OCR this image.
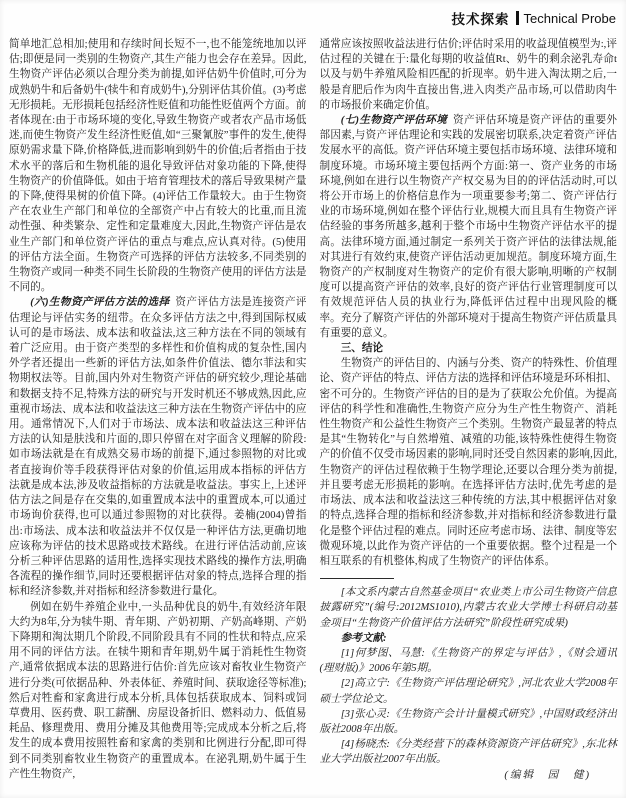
技术探索 Technical Probe

简单地汇总相加;使用和存续时间长短不一,也不能笼统地加以评估;即便是同一类别的生物资产,其生产能力也会存在差异。因此,生物资产评估必须以合理分类为前提,如评估奶牛价值时,可分为成熟奶牛和后备奶牛(犊牛和育成奶牛),分别评估其价值。(3)考虑无形损耗。无形损耗包括经济性贬值和功能性贬值两个方面。前者体现在:由于市场环境的变化,导致生物资产或者农产品市场低迷,而使生物资产发生经济性贬值,如“三聚氰胺”事件的发生,使得原奶需求量下降,价格降低,进而影响到奶牛的价值;后者指由于技术水平的落后和生物机能的退化导致评估对象功能的下降,使得生物资产的价值降低。如由于培育管理技术的落后导致果树产量的下降,使得果树的价值下降。(4)评估工作量较大。由于生物资产在农业生产部门和单位的全部资产中占有较大的比重,而且流动性强、种类繁杂、定性和定量难度大,因此,生物资产评估是农业生产部门和单位资产评估的重点与难点,应认真对待。(5)使用的评估方法全面。生物资产可选择的评估方法较多,不同类别的生物资产或同一种类不同生长阶段的生物资产使用的评估方法是不同的。

(六)生物资产评估方法的选择 资产评估方法是连接资产评估理论与评估实务的纽带。在众多评估方法之中,得到国际权威认可的是市场法、成本法和收益法,这三种方法在不同的领域有着广泛应用。由于资产类型的多样性和价值构成的复杂性,国内外学者还提出一些新的评估方法,如条件价值法、德尔菲法和实物期权法等。目前,国内外对生物资产评估的研究较少,理论基础和数据支持不足,特殊方法的研究与开发时机还不够成熟,因此,应重视市场法、成本法和收益法这三种方法在生物资产评估中的应用。通常情况下,人们对于市场法、成本法和收益法这三种评估方法的认知是肤浅和片面的,即只停留在对字面含义理解的阶段:如市场法就是在有成熟交易市场的前提下,通过参照物的对比或者直接询价等手段获得评估对象的价值,运用成本指标的评估方法就是成本法,涉及收益指标的方法就是收益法。事实上,上述评估方法之间是存在交集的,如重置成本法中的重置成本,可以通过市场询价获得,也可以通过参照物的对比获得。姜楠(2004)曾指出:市场法、成本法和收益法并不仅仅是一种评估方法,更确切地应该称为评估的技术思路或技术路线。在进行评估活动前,应该分析三种评估思路的适用性,选择实现技术路线的操作方法,明确各流程的操作细节,同时还要根据评估对象的特点,选择合理的指标和经济参数,并对指标和经济参数进行量化。

例如在奶牛养殖企业中,一头品种优良的奶牛,有效经济年限大约为8年,分为犊牛期、青年期、产奶初期、产奶高峰期、产奶下降期和淘汰期几个阶段,不同阶段具有不同的性状和特点,应采用不同的评估方法。在犊牛期和青年期,奶牛属于消耗性生物资产,通常依据成本法的思路进行估价:首先应该对畜牧业生物资产进行分类(可依据品种、外表体征、养殖时间、获取途径等标准);然后对牲畜和家禽进行成本分析,具体包括获取成本、饲料或饲草费用、医药费、职工薪酬、房屋设备折旧、燃料动力、低值易耗品、修理费用、费用分摊及其他费用等;完成成本分析之后,将发生的成本费用按照牲畜和家禽的类别和比例进行分配,即可得到不同类别畜牧业生物资产的重置成本。在泌乳期,奶牛属于生产性生物资产,

通常应该按照收益法进行估价;评估时采用的收益现值模型为:,评估过程的关键在于:量化每期的收益值Rt、奶牛的剩余泌乳寿命t以及与奶牛养殖风险相匹配的折现率。奶牛进入淘汰期之后,一般是育肥后作为肉牛直接出售,进入肉类产品市场,可以借助肉牛的市场报价来确定价值。

(七)生物资产评估环境 资产评估环境是资产评估的重要外部因素,与资产评估理论和实践的发展密切联系,决定着资产评估发展水平的高低。资产评估环境主要包括市场环境、法律环境和制度环境。市场环境主要包括两个方面:第一、资产业务的市场环境,例如在进行以生物资产产权交易为目的的评估活动时,可以将公开市场上的价格信息作为一项重要参考;第二、资产评估行业的市场环境,例如在整个评估行业,规模大而且具有生物资产评估经验的事务所越多,越利于整个市场中生物资产评估水平的提高。法律环境方面,通过制定一系列关于资产评估的法律法规,能对其进行有效约束,使资产评估活动更加规范。制度环境方面,生物资产的产权制度对生物资产的定价有很大影响,明晰的产权制度可以提高资产评估的效率,良好的资产评估行业管理制度可以有效规范评估人员的执业行为,降低评估过程中出现风险的概率。充分了解资产评估的外部环境对于提高生物资产评估质量具有重要的意义。

三、结论

生物资产的评估目的、内涵与分类、资产的特殊性、价值理论、资产评估的特点、评估方法的选择和评估环境是环环相扣、密不可分的。生物资产评估的目的是为了获取公允价值。为提高评估的科学性和准确性,生物资产应分为生产性生物资产、消耗性生物资产和公益性生物资产三个类别。生物资产最显著的特点是其“生物转化”与自然增殖、减殖的功能,该特殊性使得生物资产的价值不仅受市场因素的影响,同时还受自然因素的影响,因此,生物资产的评估过程依赖于生物学理论,还要以合理分类为前提,并且要考虑无形损耗的影响。在选择评估方法时,优先考虑的是市场法、成本法和收益法这三种传统的方法,其中根据评估对象的特点,选择合理的指标和经济参数,并对指标和经济参数进行量化是整个评估过程的难点。同时还应考虑市场、法律、制度等宏微观环境,以此作为资产评估的一个重要依据。整个过程是一个相互联系的有机整体,构成了生物资产的评估体系。

[本文系内蒙古自然基金项目“农业类上市公司生物资产信息披露研究”(编号:2012MS1010),内蒙古农业大学博士科研启动基金项目“生物资产价值评估方法研究”阶段性研究成果)

参考文献:

[1]何梦图、马慧:《生物资产的界定与评估》,《财会通讯(理财版)》2006年第5期。

[2]高立宁:《生物资产评估理论研究》,河北农业大学2008年硕士学位论文。

[3]张心灵:《生物资产会计计量模式研究》,中国财政经济出版社2008年出版。

[4]杨晓杰:《分类经营下的森林资源资产评估研究》,东北林业大学出版社2007年出版。

(编辑　园　健)
